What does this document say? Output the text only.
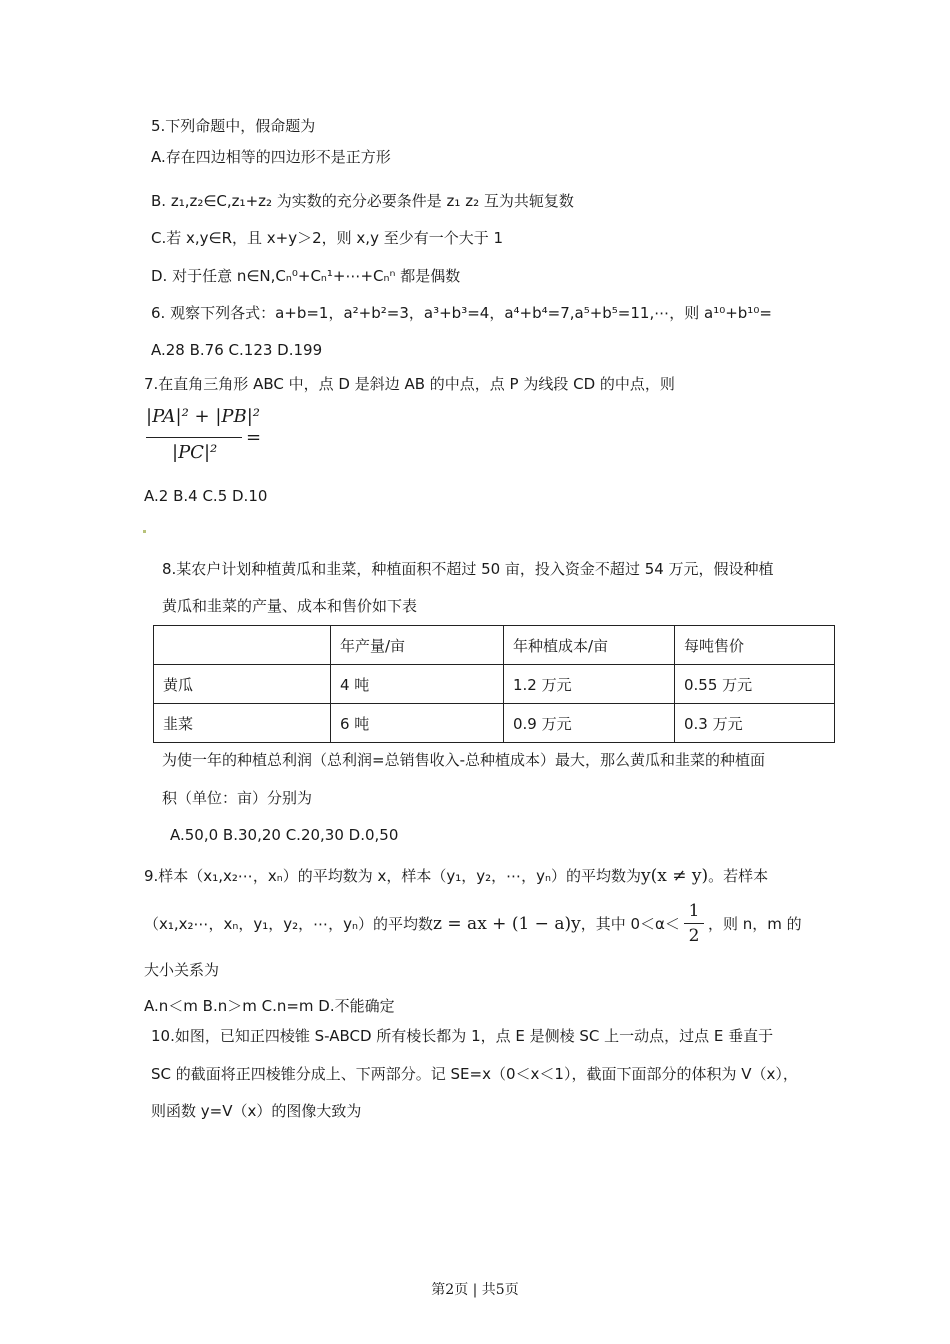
5.下列命题中，假命题为
A.存在四边相等的四边形不是正方形
B. z₁,z₂∈C,z₁+z₂ 为实数的充分必要条件是 z₁ z₂ 互为共轭复数
C.若 x,y∈R，且 x+y＞2，则 x,y 至少有一个大于 1
D. 对于任意 n∈N,Cₙ⁰+Cₙ¹+⋯+Cₙⁿ 都是偶数
6. 观察下列各式：a+b=1，a²+b²=3，a³+b³=4，a⁴+b⁴=7,a⁵+b⁵=11,⋯，则 a¹⁰+b¹⁰=
A.28 B.76 C.123 D.199
7.在直角三角形 ABC 中，点 D 是斜边 AB 的中点，点 P 为线段 CD 的中点，则
|PA|² + |PB|²
|PC|²
=
A.2 B.4 C.5 D.10
8.某农户计划种植黄瓜和韭菜，种植面积不超过 50 亩，投入资金不超过 54 万元，假设种植
黄瓜和韭菜的产量、成本和售价如下表
	年产量/亩	年种植成本/亩	每吨售价
黄瓜	4 吨	1.2 万元	0.55 万元
韭菜	6 吨	0.9 万元	0.3 万元
为使一年的种植总利润（总利润=总销售收入-总种植成本）最大，那么黄瓜和韭菜的种植面
积（单位：亩）分别为
A.50,0 B.30,20 C.20,30 D.0,50
9.样本（x₁,x₂⋯，xₙ）的平均数为 x，样本（y₁，y₂，⋯，yₙ）的平均数为y(x ≠ y)。若样本
（x₁,x₂⋯，xₙ，y₁，y₂，⋯，yₙ）的平均数z = ax + (1 − a)y，其中 0＜α＜
1
2
，则 n，m 的
大小关系为
A.n＜m B.n＞m C.n=m D.不能确定
10.如图，已知正四棱锥 S-ABCD 所有棱长都为 1，点 E 是侧棱 SC 上一动点，过点 E 垂直于
SC 的截面将正四棱锥分成上、下两部分。记 SE=x（0＜x＜1），截面下面部分的体积为 V（x），
则函数 y=V（x）的图像大致为
第2页 | 共5页
